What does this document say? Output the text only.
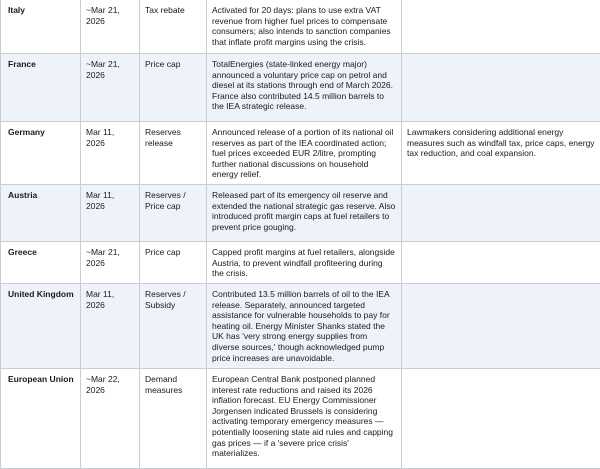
Italy	~Mar 21, 2026	Tax rebate	Activated for 20 days: plans to use extra VAT revenue from higher fuel prices to compensate consumers; also intends to sanction companies that inflate profit margins using the crisis.	
France	~Mar 21, 2026	Price cap	TotalEnergies (state-linked energy major) announced a voluntary price cap on petrol and diesel at its stations through end of March 2026. France also contributed 14.5 million barrels to the IEA strategic release.	
Germany	Mar 11, 2026	Reserves release	Announced release of a portion of its national oil reserves as part of the IEA coordinated action; fuel prices exceeded EUR 2/litre, prompting further national discussions on household energy relief.	Lawmakers considering additional energy measures such as windfall tax, price caps, energy tax reduction, and coal expansion.
Austria	Mar 11, 2026	Reserves / Price cap	Released part of its emergency oil reserve and extended the national strategic gas reserve. Also introduced profit margin caps at fuel retailers to prevent price gouging.	
Greece	~Mar 21, 2026	Price cap	Capped profit margins at fuel retailers, alongside Austria, to prevent windfall profiteering during the crisis.	
United Kingdom	Mar 11, 2026	Reserves / Subsidy	Contributed 13.5 million barrels of oil to the IEA release. Separately, announced targeted assistance for vulnerable households to pay for heating oil. Energy Minister Shanks stated the UK has 'very strong energy supplies from diverse sources,' though acknowledged pump price increases are unavoidable.	
European Union	~Mar 22, 2026	Demand measures	European Central Bank postponed planned interest rate reductions and raised its 2026 inflation forecast. EU Energy Commissioner Jorgensen indicated Brussels is considering activating temporary emergency measures — potentially loosening state aid rules and capping gas prices — if a 'severe price crisis' materializes.	
